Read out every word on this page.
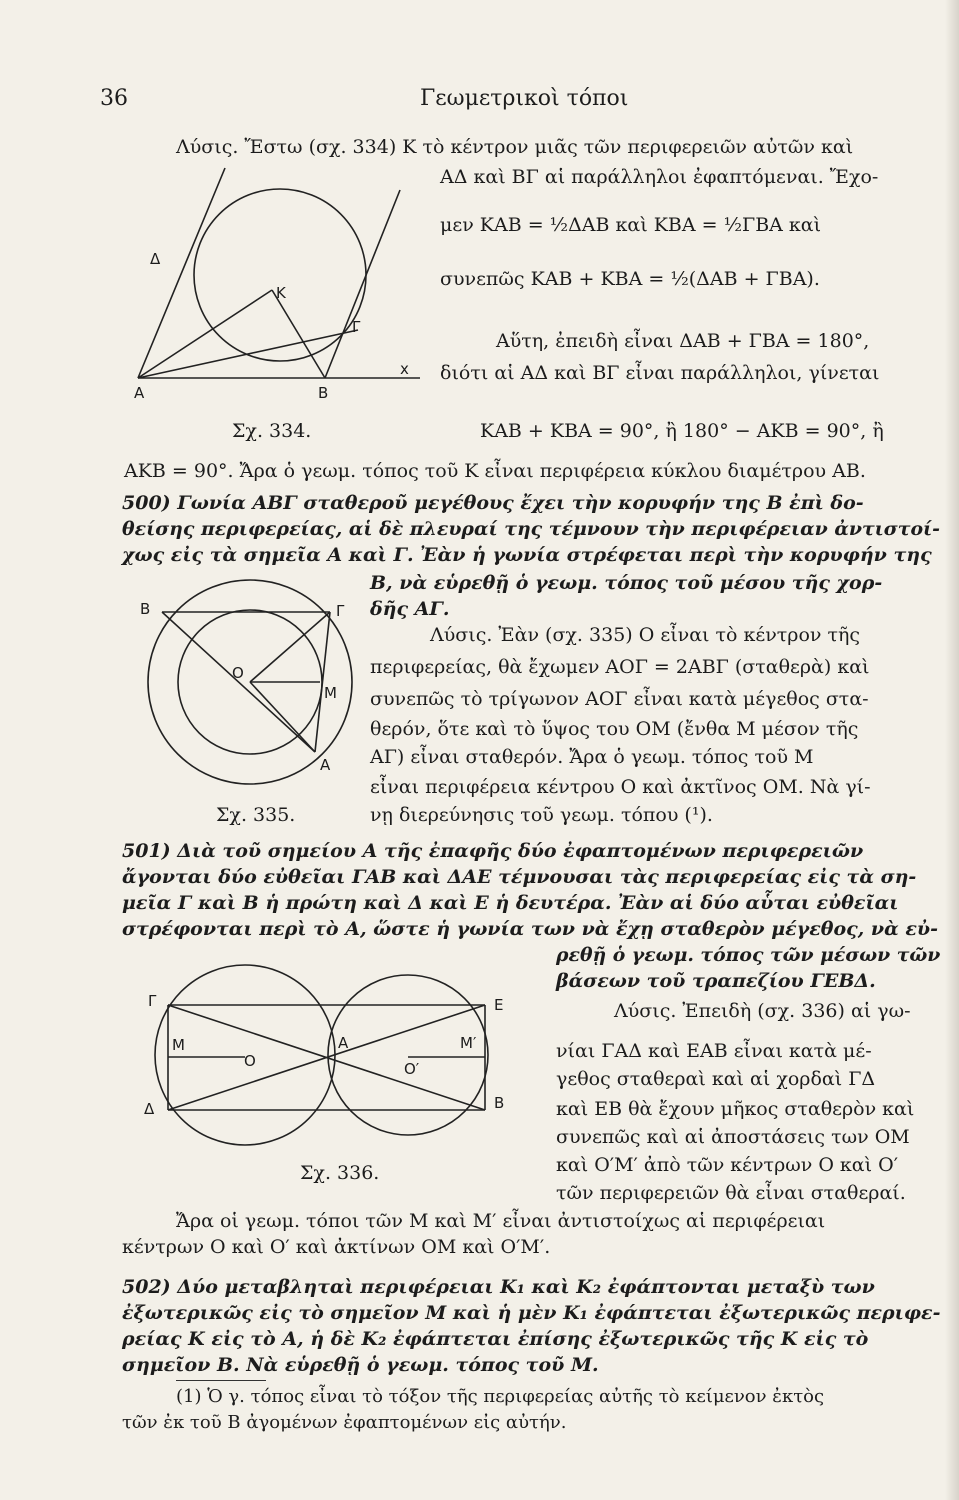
36	Γεωμετρικοὶ τόποι
Λύσις. Ἔστω (σχ. 334) Κ τὸ κέντρον μιᾶς τῶν περιφερειῶν αὐτῶν καὶ
ΑΔ καὶ ΒΓ αἱ παράλληλοι ἐφαπτόμεναι. Ἔχο-
μεν ΚΑΒ = ½ΔΑΒ καὶ ΚΒΑ = ½ΓΒΑ καὶ
συνεπῶς ΚΑΒ + ΚΒΑ = ½(ΔΑΒ + ΓΒΑ).
Αὕτη, ἐπειδὴ εἶναι ΔΑΒ + ΓΒΑ = 180°,
διότι αἱ ΑΔ καὶ ΒΓ εἶναι παράλληλοι, γίνεται
ΚΑΒ + ΚΒΑ = 90°, ἢ 180° − ΑΚΒ = 90°, ἢ
ΑΚΒ = 90°. Ἄρα ὁ γεωμ. τόπος τοῦ Κ εἶναι περιφέρεια κύκλου διαμέτρου ΑΒ.
Δ
Κ
Γ
Α	Β
x
Σχ. 334.
500) Γωνία ΑΒΓ σταθεροῦ μεγέθους ἔχει τὴν κορυφήν της Β ἐπὶ δο-
θείσης περιφερείας, αἱ δὲ πλευραί της τέμνουν τὴν περιφέρειαν ἀντιστοί-
χως εἰς τὰ σημεῖα Α καὶ Γ. Ἐὰν ἡ γωνία στρέφεται περὶ τὴν κορυφήν της
Β, νὰ εὑρεθῇ ὁ γεωμ. τόπος τοῦ μέσου τῆς χορ-
δῆς ΑΓ.
Λύσις. Ἐὰν (σχ. 335) Ο εἶναι τὸ κέντρον τῆς
περιφερείας, θὰ ἔχωμεν ΑΟΓ = 2ΑΒΓ (σταθερὰ) καὶ
συνεπῶς τὸ τρίγωνον ΑΟΓ εἶναι κατὰ μέγεθος στα-
θερόν, ὅτε καὶ τὸ ὕψος του ΟΜ (ἔνθα Μ μέσον τῆς
ΑΓ) εἶναι σταθερόν. Ἄρα ὁ γεωμ. τόπος τοῦ Μ
εἶναι περιφέρεια κέντρου Ο καὶ ἀκτῖνος ΟΜ. Νὰ γί-
νῃ διερεύνησις τοῦ γεωμ. τόπου (¹).
Β	Γ
Ο
Μ
Α
Σχ. 335.
501) Διὰ τοῦ σημείου Α τῆς ἐπαφῆς δύο ἐφαπτομένων περιφερειῶν
ἄγονται δύο εὐθεῖαι ΓΑΒ καὶ ΔΑΕ τέμνουσαι τὰς περιφερείας εἰς τὰ ση-
μεῖα Γ καὶ Β ἡ πρώτη καὶ Δ καὶ Ε ἡ δευτέρα. Ἐὰν αἱ δύο αὗται εὐθεῖαι
στρέφονται περὶ τὸ Α, ὥστε ἡ γωνία των νὰ ἔχῃ σταθερὸν μέγεθος, νὰ εὐ-
ρεθῇ ὁ γεωμ. τόπος τῶν μέσων τῶν
βάσεων τοῦ τραπεζίου ΓΕΒΔ.
Λύσις. Ἐπειδὴ (σχ. 336) αἱ γω-
νίαι ΓΑΔ καὶ ΕΑΒ εἶναι κατὰ μέ-
γεθος σταθεραὶ καὶ αἱ χορδαὶ ΓΔ
καὶ ΕΒ θὰ ἔχουν μῆκος σταθερὸν καὶ
συνεπῶς καὶ αἱ ἀποστάσεις των ΟΜ
καὶ Ο′Μ′ ἀπὸ τῶν κέντρων Ο καὶ Ο′
τῶν περιφερειῶν θὰ εἶναι σταθεραί.
Ἄρα οἱ γεωμ. τόποι τῶν Μ καὶ Μ′ εἶναι ἀντιστοίχως αἱ περιφέρειαι
κέντρων Ο καὶ Ο′ καὶ ἀκτίνων ΟΜ καὶ Ο′Μ′.
Γ	Ε
Μ
Ο
Α
Ο′
Μ′
Δ	Β
Σχ. 336.
502) Δύο μεταβληταὶ περιφέρειαι Κ₁ καὶ Κ₂ ἐφάπτονται μεταξὺ των
ἐξωτερικῶς εἰς τὸ σημεῖον Μ καὶ ἡ μὲν Κ₁ ἐφάπτεται ἐξωτερικῶς περιφε-
ρείας Κ εἰς τὸ Α, ἡ δὲ Κ₂ ἐφάπτεται ἐπίσης ἐξωτερικῶς τῆς Κ εἰς τὸ
σημεῖον Β. Νὰ εὑρεθῇ ὁ γεωμ. τόπος τοῦ Μ.
(1) Ὁ γ. τόπος εἶναι τὸ τόξον τῆς περιφερείας αὐτῆς τὸ κείμενον ἐκτὸς
τῶν ἐκ τοῦ Β ἀγομένων ἐφαπτομένων εἰς αὐτήν.
